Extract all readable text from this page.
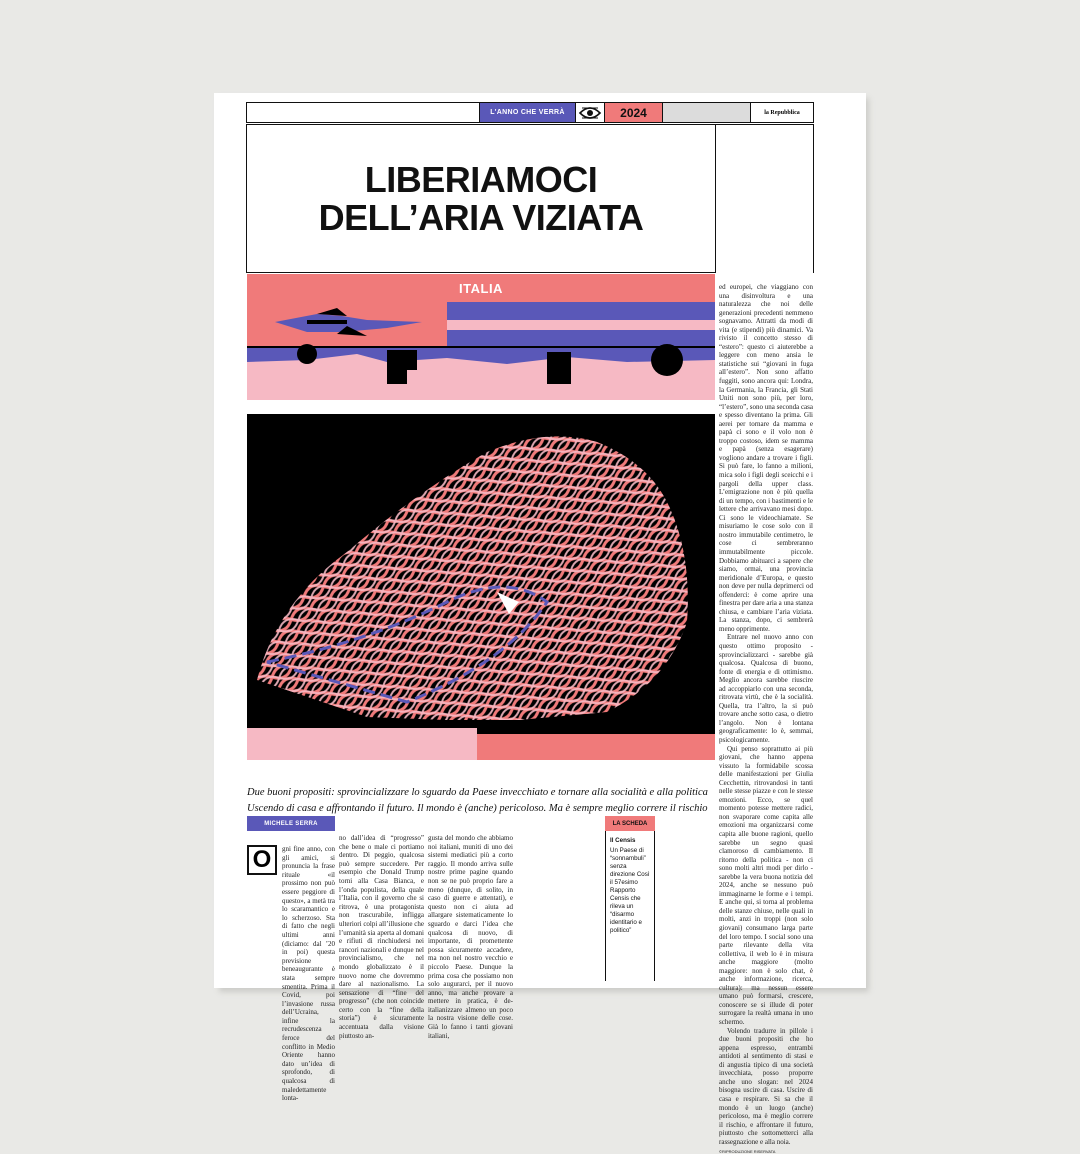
L'ANNO CHE VERRÀ	2024	la Repubblica
LIBERIAMOCI
DELL’ARIA VIZIATA
ITALIA

Due buoni propositi: sprovincializzare lo sguardo da Paese invecchiato e tornare alla socialità e alla politica Uscendo di casa e affrontando il futuro. Il mondo è (anche) pericoloso. Ma è sempre meglio correre il rischio

MICHELE SERRA	LA SCHEDA
Il Censis
Un Paese di “sonnambuli” senza direzione Così il 57esimo Rapporto Censis che rileva un “disarmo identitario e politico”
O	gni fine anno, con gli amici, si pronuncia la frase rituale «il prossimo non può essere peggiore di questo», a metà tra lo scaramantico e lo scherzoso. Sta di fatto che negli ultimi anni (diciamo: dal ’20 in poi) questa previsione beneaugurante è stata sempre smentita. Prima il Covid, poi l’invasione russa dell’Ucraina, infine la recrudescenza feroce del conflitto in Medio Oriente hanno dato un’idea di sprofondo, di qualcosa di maledettamente lonta-
no dall’idea di “progresso” che bene o male ci portiamo dentro. Di peggio, qualcosa può sempre succedere. Per esempio che Donald Trump torni alla Casa Bianca, e l’onda populista, della quale l’Italia, con il governo che si ritrova, è una protagonista non trascurabile, infligga ulteriori colpi all’illusione che l’umanità sia aperta al domani e rifiuti di rinchiudersi nei rancori nazionali e dunque nel provincialismo, che nel mondo globalizzato è il nuovo nome che dovremmo dare al nazionalismo. La sensazione di “fine del progresso” (che non coincide certo con la “fine della storia”) è sicuramente accentuata dalla visione piuttosto an-
gusta del mondo che abbiamo noi italiani, muniti di uno dei sistemi mediatici più a corto raggio. Il mondo arriva sulle nostre prime pagine quando non se ne può proprio fare a meno (dunque, di solito, in caso di guerre e attentati), e questo non ci aiuta ad allargare sistematicamente lo sguardo e darci l’idea che qualcosa di nuovo, di importante, di promettente possa sicuramente accadere, ma non nel nostro vecchio e piccolo Paese. Dunque la prima cosa che possiamo non solo augurarci, per il nuovo anno, ma anche provare a mettere in pratica, è de-italianizzare almeno un poco la nostra visione delle cose. Già lo fanno i tanti giovani italiani,
ed europei, che viaggiano con una disinvoltura e una naturalezza che noi delle generazioni precedenti nemmeno sognavamo. Attratti da modi di vita (e stipendi) più dinamici. Va rivisto il concetto stesso di “estero”: questo ci aiuterebbe a leggere con meno ansia le statistiche sui “giovani in fuga all’estero”. Non sono affatto fuggiti, sono ancora qui: Londra, la Germania, la Francia, gli Stati Uniti non sono più, per loro, “l’estero”, sono una seconda casa e spesso diventano la prima. Gli aerei per tornare da mamma e papà ci sono e il volo non è troppo costoso, idem se mamma e papà (senza esagerare) vogliono andare a trovare i figli. Si può fare, lo fanno a milioni, mica solo i figli degli sceicchi e i pargoli della upper class. L’emigrazione non è più quella di un tempo, con i bastimenti e le lettere che arrivavano mesi dopo. Ci sono le videochiamate. Se misuriamo le cose solo con il nostro immutabile centimetro, le cose ci sembreranno immutabilmente piccole. Dobbiamo abituarci a sapere che siamo, ormai, una provincia meridionale d’Europa, e questo non deve per nulla deprimerci od offenderci: è come aprire una finestra per dare aria a una stanza chiusa, e cambiare l’aria viziata. La stanza, dopo, ci sembrerà meno opprimente.
Entrare nel nuovo anno con questo ottimo proposito - sprovincializzarci - sarebbe già qualcosa. Qualcosa di buono, fonte di energia e di ottimismo. Meglio ancora sarebbe riuscire ad accoppiarlo con una seconda, ritrovata virtù, che è la socialità. Quella, tra l’altro, la si può trovare anche sotto casa, o dietro l’angolo. Non è lontana geograficamente: lo è, semmai, psicologicamente.
Qui penso soprattutto ai più giovani, che hanno appena vissuto la formidabile scossa delle manifestazioni per Giulia Cecchettin, ritrovandosi in tanti nelle stesse piazze e con le stesse emozioni. Ecco, se quel momento potesse mettere radici, non svaporare come capita alle emozioni ma organizzarsi come capita alle buone ragioni, quello sarebbe un segno quasi clamoroso di cambiamento. Il ritorno della politica - non ci sono molti altri modi per dirlo - sarebbe la vera buona notizia del 2024, anche se nessuno può immaginarne le forme e i tempi. E anche qui, si torna al problema delle stanze chiuse, nelle quali in molti, anzi in troppi (non solo giovani) consumano larga parte del loro tempo. I social sono una parte rilevante della vita collettiva, il web lo è in misura anche maggiore (molto maggiore: non è solo chat, è anche informazione, ricerca, cultura): ma nessun essere umano può formarsi, crescere, conoscere se si illude di poter surrogare la realtà umana in uno schermo.
Volendo tradurre in pillole i due buoni propositi che ho appena espresso, entrambi antidoti al sentimento di stasi e di angustia tipico di una società invecchiata, posso proporre anche uno slogan: nel 2024 bisogna uscire di casa. Uscire di casa e respirare. Si sa che il mondo è un luogo (anche) pericoloso, ma è meglio correre il rischio, e affrontare il futuro, piuttosto che sottometterci alla rassegnazione e alla noia.
©RIPRODUZIONE RISERVATA
